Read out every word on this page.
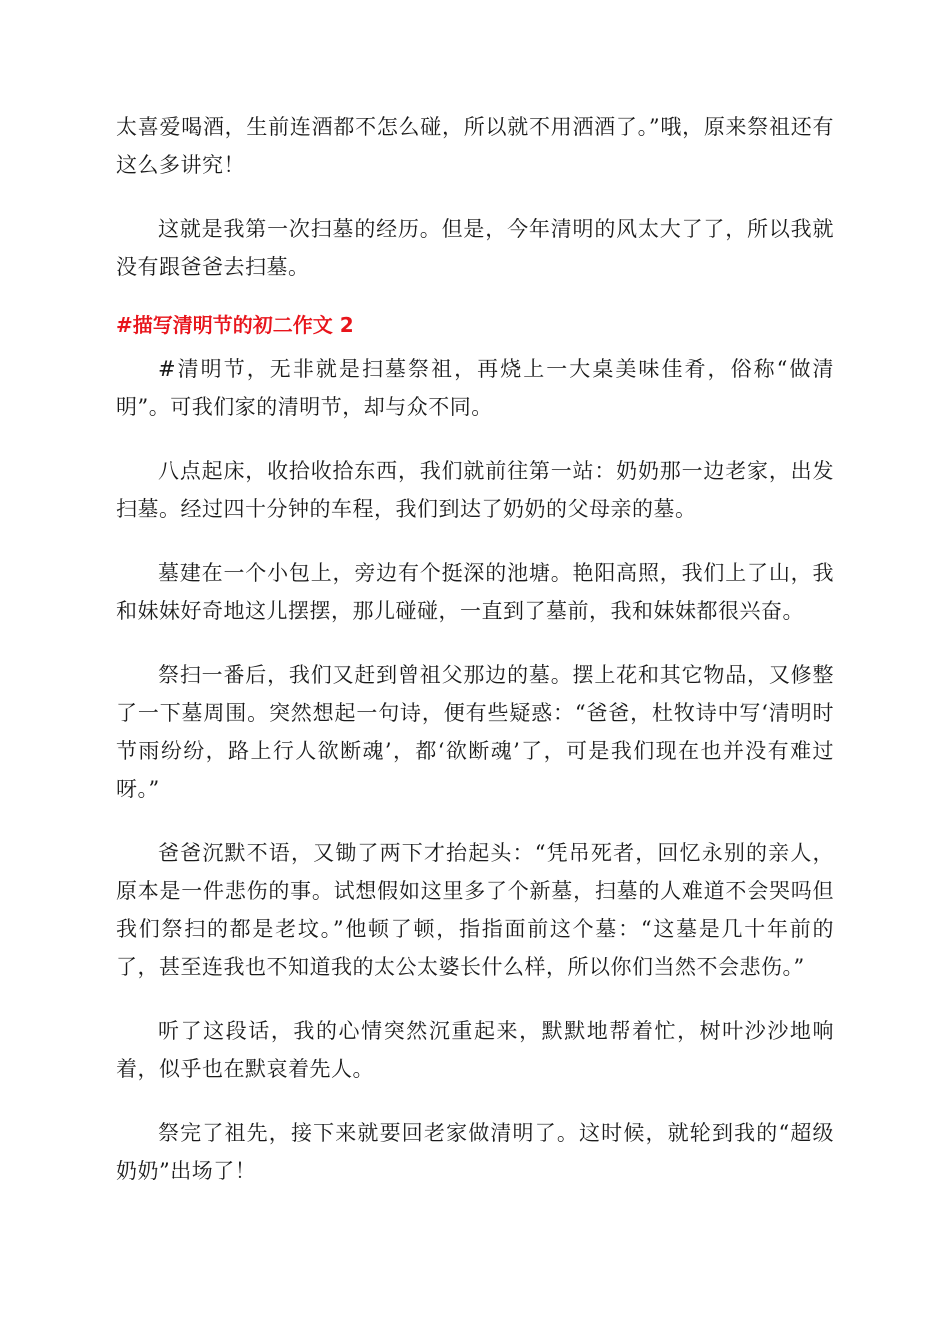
太喜爱喝酒，生前连酒都不怎么碰，所以就不用洒酒了。”哦，原来祭祖还有这么多讲究！

这就是我第一次扫墓的经历。但是，今年清明的风太大了了，所以我就没有跟爸爸去扫墓。

#描写清明节的初二作文 2

#清明节，无非就是扫墓祭祖，再烧上一大桌美味佳肴，俗称“做清明”。可我们家的清明节，却与众不同。

八点起床，收拾收拾东西，我们就前往第一站：奶奶那一边老家，出发扫墓。经过四十分钟的车程，我们到达了奶奶的父母亲的墓。

墓建在一个小包上，旁边有个挺深的池塘。艳阳高照，我们上了山，我和妹妹好奇地这儿摆摆，那儿碰碰，一直到了墓前，我和妹妹都很兴奋。

祭扫一番后，我们又赶到曾祖父那边的墓。摆上花和其它物品，又修整了一下墓周围。突然想起一句诗，便有些疑惑：“爸爸，杜牧诗中写‘清明时节雨纷纷，路上行人欲断魂’，都‘欲断魂’了，可是我们现在也并没有难过呀。”

爸爸沉默不语，又锄了两下才抬起头：“凭吊死者，回忆永别的亲人，原本是一件悲伤的事。试想假如这里多了个新墓，扫墓的人难道不会哭吗但我们祭扫的都是老坟。”他顿了顿，指指面前这个墓：“这墓是几十年前的了，甚至连我也不知道我的太公太婆长什么样，所以你们当然不会悲伤。”

听了这段话，我的心情突然沉重起来，默默地帮着忙，树叶沙沙地响着，似乎也在默哀着先人。

祭完了祖先，接下来就要回老家做清明了。这时候，就轮到我的“超级奶奶”出场了！
